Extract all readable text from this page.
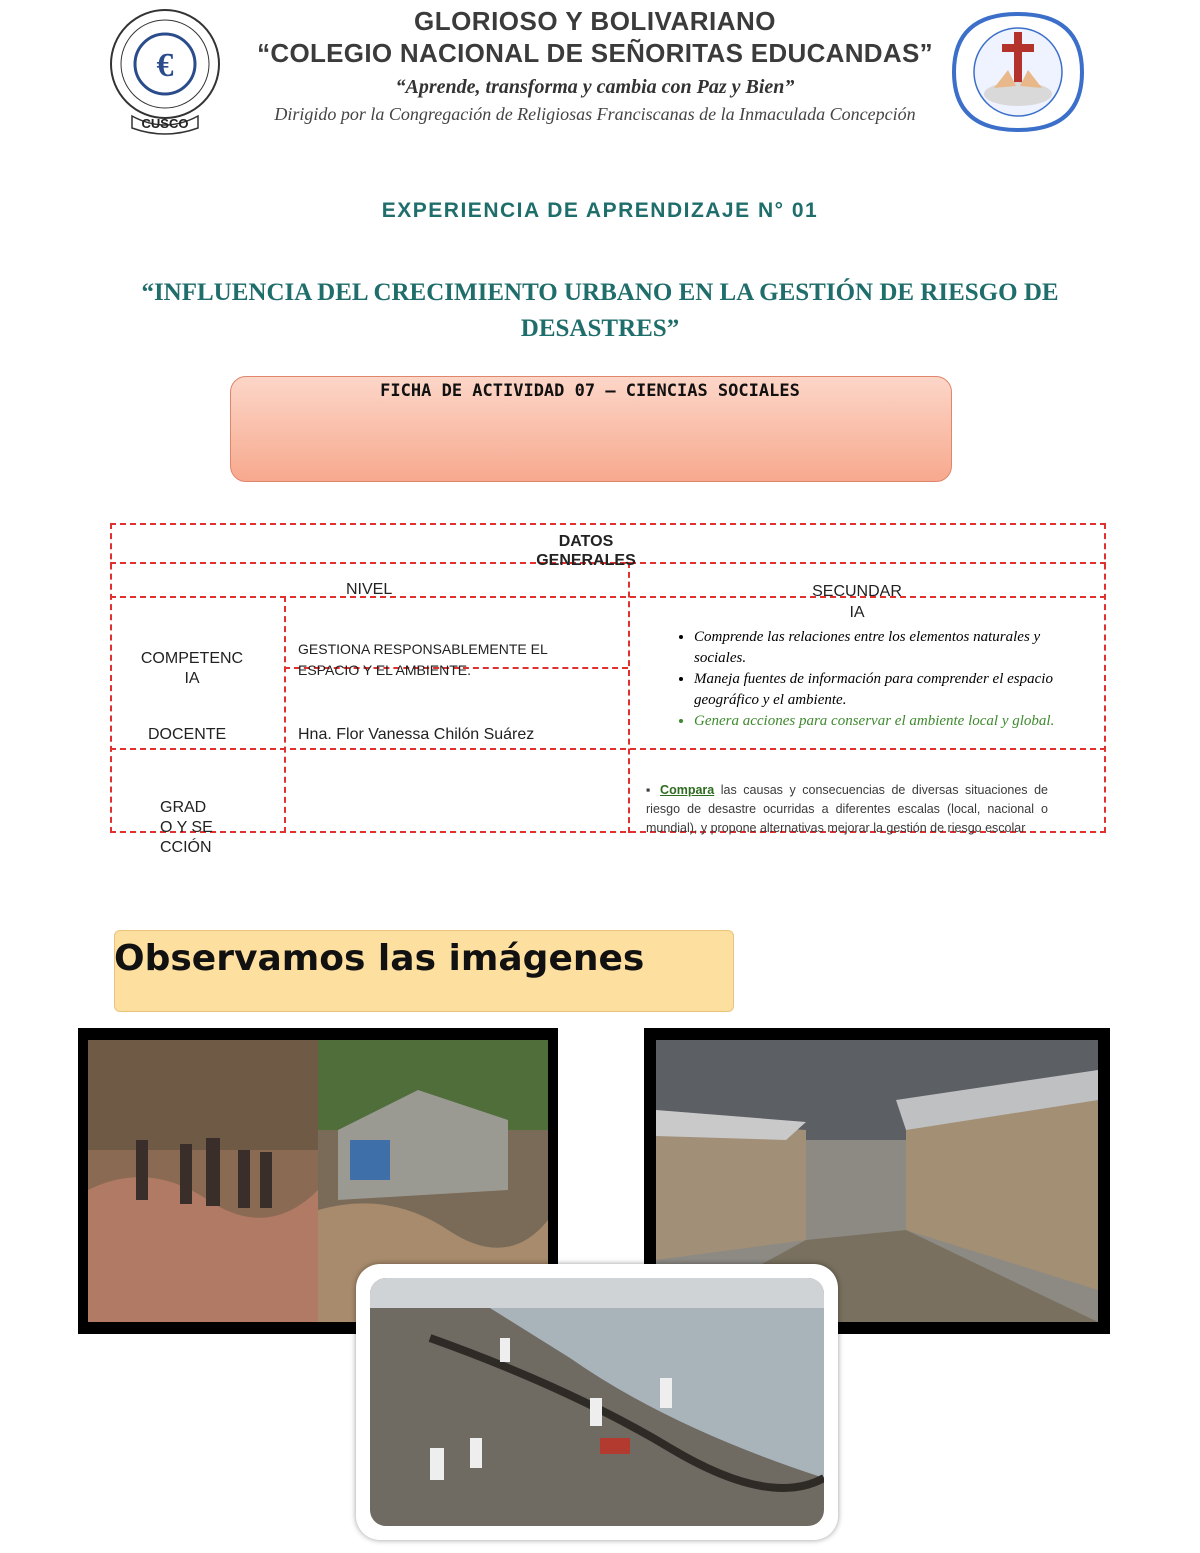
€
CUSCO
GLORIOSO Y BOLIVARIANO
“COLEGIO NACIONAL DE SEÑORITAS EDUCANDAS”
“Aprende, transforma y cambia con Paz y Bien”
Dirigido por la Congregación de Religiosas Franciscanas de la Inmaculada Concepción
EXPERIENCIA DE APRENDIZAJE N° 01
“INFLUENCIA DEL CRECIMIENTO URBANO EN LA GESTIÓN DE RIESGO DE DESASTRES”
FICHA DE ACTIVIDAD 07 – CIENCIAS SOCIALES
DATOS GENERALES
NIVEL	SECUNDARIA
COMPETENCIA
GESTIONA RESPONSABLEMENTE EL ESPACIO Y EL AMBIENTE.
DOCENTE	Hna. Flor Vanessa Chilón Suárez
GRADO Y SECCIÓN
• Comprende las relaciones entre los elementos naturales y sociales.
• Maneja fuentes de información para comprender el espacio geográfico y el ambiente.
• Genera acciones para conservar el ambiente local y global.
▪ Compara las causas y consecuencias de diversas situaciones de riesgo de desastre ocurridas a diferentes escalas (local, nacional o mundial), y propone alternativas mejorar la gestión de riesgo escolar
Observamos las imágenes
